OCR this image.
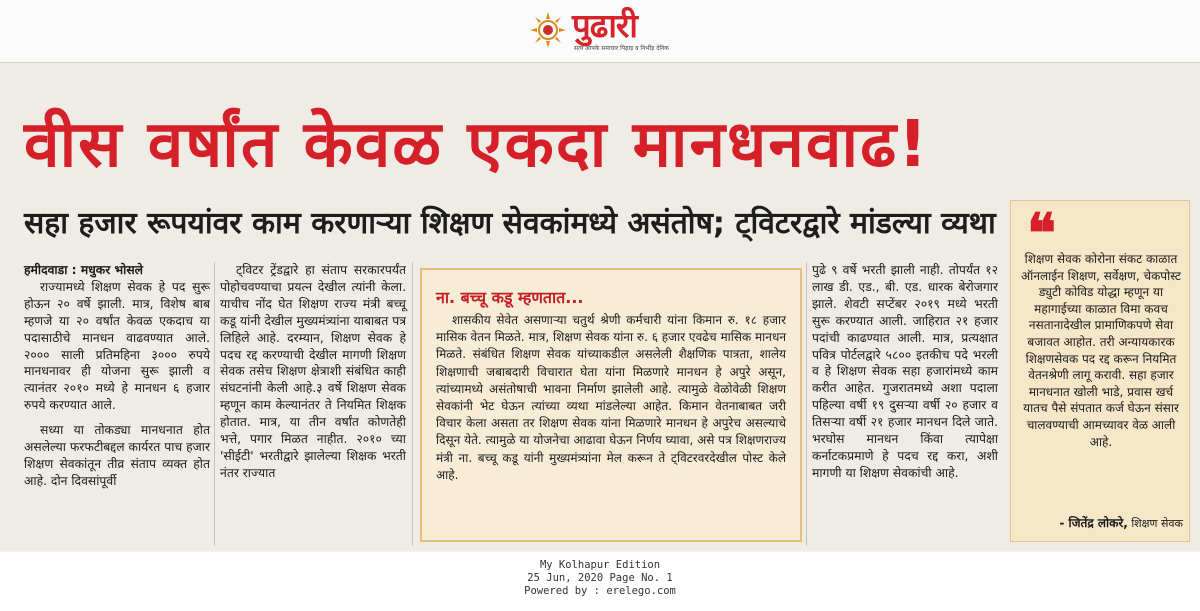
पुढारी
सत्य आपके समाचार पिढ़ाड़ व निर्भीड़ देनिक
वीस वर्षांत केवळ एकदा मानधनवाढ!
सहा हजार रूपयांवर काम करणाऱ्या शिक्षण सेवकांमध्ये असंतोष; ट्विटरद्वारे मांडल्या व्यथा

हमीदवाडा : मधुकर भोसले

राज्यामध्ये शिक्षण सेवक हे पद सुरू होऊन २० वर्षे झाली. मात्र, विशेष बाब म्हणजे या २० वर्षांत केवळ एकदाच या पदासाठीचे मानधन वाढवण्यात आले. २००० साली प्रतिमहिना ३००० रुपये मानधनावर ही योजना सुरू झाली व त्यानंतर २०१० मध्ये हे मानधन ६ हजार रुपये करण्यात आले.

सध्या या तोकड्या मानधनात होत असलेल्या फरफटीबद्दल कार्यरत पाच हजार शिक्षण सेवकांतून तीव्र संताप व्यक्त होत आहे. दोन दिवसांपूर्वी

ट्विटर ट्रेंडद्वारे हा संताप सरकारपर्यंत पोहोचवण्याचा प्रयत्न देखील त्यांनी केला. याचीच नोंद घेत शिक्षण राज्य मंत्री बच्चू कडू यांनी देखील मुख्यमंत्र्यांना याबाबत पत्र लिहिले आहे. दरम्यान, शिक्षण सेवक हे पदच रद्द करण्याची देखील मागणी शिक्षण सेवक तसेच शिक्षण क्षेत्राशी संबंधित काही संघटनांनी केली आहे.३ वर्षे शिक्षण सेवक म्हणून काम केल्यानंतर ते नियमित शिक्षक होतात. मात्र, या तीन वर्षांत कोणतेही भत्ते, पगार मिळत नाहीत. २०१० च्या 'सीईटी' भरतीद्वारे झालेल्या शिक्षक भरती नंतर राज्यात

ना. बच्चू कडू म्हणतात...

शासकीय सेवेत असणाऱ्या चतुर्थ श्रेणी कर्मचारी यांना किमान रु. १८ हजार मासिक वेतन मिळते. मात्र, शिक्षण सेवक यांना रु. ६ हजार एवढेच मासिक मानधन मिळते. संबंधित शिक्षण सेवक यांच्याकडील असलेली शैक्षणिक पात्रता, शालेय शिक्षणाची जबाबदारी विचारात घेता यांना मिळणारे मानधन हे अपुरे असून, त्यांच्यामध्ये असंतोषाची भावना निर्माण झालेली आहे. त्यामुळे वेळोवेळी शिक्षण सेवकांनी भेट घेऊन त्यांच्या व्यथा मांडलेल्या आहेत. किमान वेतनाबाबत जरी विचार केला असता तर शिक्षण सेवक यांना मिळणारे मानधन हे अपुरेच असल्याचे दिसून येते. त्यामुळे या योजनेचा आढावा घेऊन निर्णय घ्यावा, असे पत्र शिक्षणराज्य मंत्री ना. बच्चू कडू यांनी मुख्यमंत्र्यांना मेल करून ते ट्विटरवरदेखील पोस्ट केले आहे.

पुढे ९ वर्षे भरती झाली नाही. तोपर्यंत १२ लाख डी. एड., बी. एड. धारक बेरोजगार झाले. शेवटी सप्टेंबर २०१९ मध्ये भरती सुरू करण्यात आली. जाहिरात २१ हजार पदांची काढण्यात आली. मात्र, प्रत्यक्षात पवित्र पोर्टलद्वारे ५८०० इतकीच पदे भरली व हे शिक्षण सेवक सहा हजारांमध्ये काम करीत आहेत. गुजरातमध्ये अशा पदाला पहिल्या वर्षी १९ दुसऱ्या वर्षी २० हजार व तिसऱ्या वर्षी २१ हजार मानधन दिले जाते. भरघोस मानधन किंवा त्यापेक्षा कर्नाटकप्रमाणे हे पदच रद्द करा, अशी मागणी या शिक्षण सेवकांची आहे.

❝
शिक्षण सेवक कोरोना संकट काळात ऑनलाईन शिक्षण, सर्वेक्षण, चेकपोस्ट ड्युटी कोविड योद्धा म्हणून या महागाईच्या काळात विमा कवच नसतानादेखील प्रामाणिकपणे सेवा बजावत आहोत. तरी अन्यायकारक शिक्षणसेवक पद रद्द करून नियमित वेतनश्रेणी लागू करावी. सहा हजार मानधनात खोली भाडे, प्रवास खर्च यातच पैसे संपतात कर्ज घेऊन संसार चालवण्याची आमच्यावर वेळ आली आहे.
- जितेंद्र लोकरे, शिक्षण सेवक
My Kolhapur Edition
25 Jun, 2020 Page No. 1
Powered by : erelego.com
